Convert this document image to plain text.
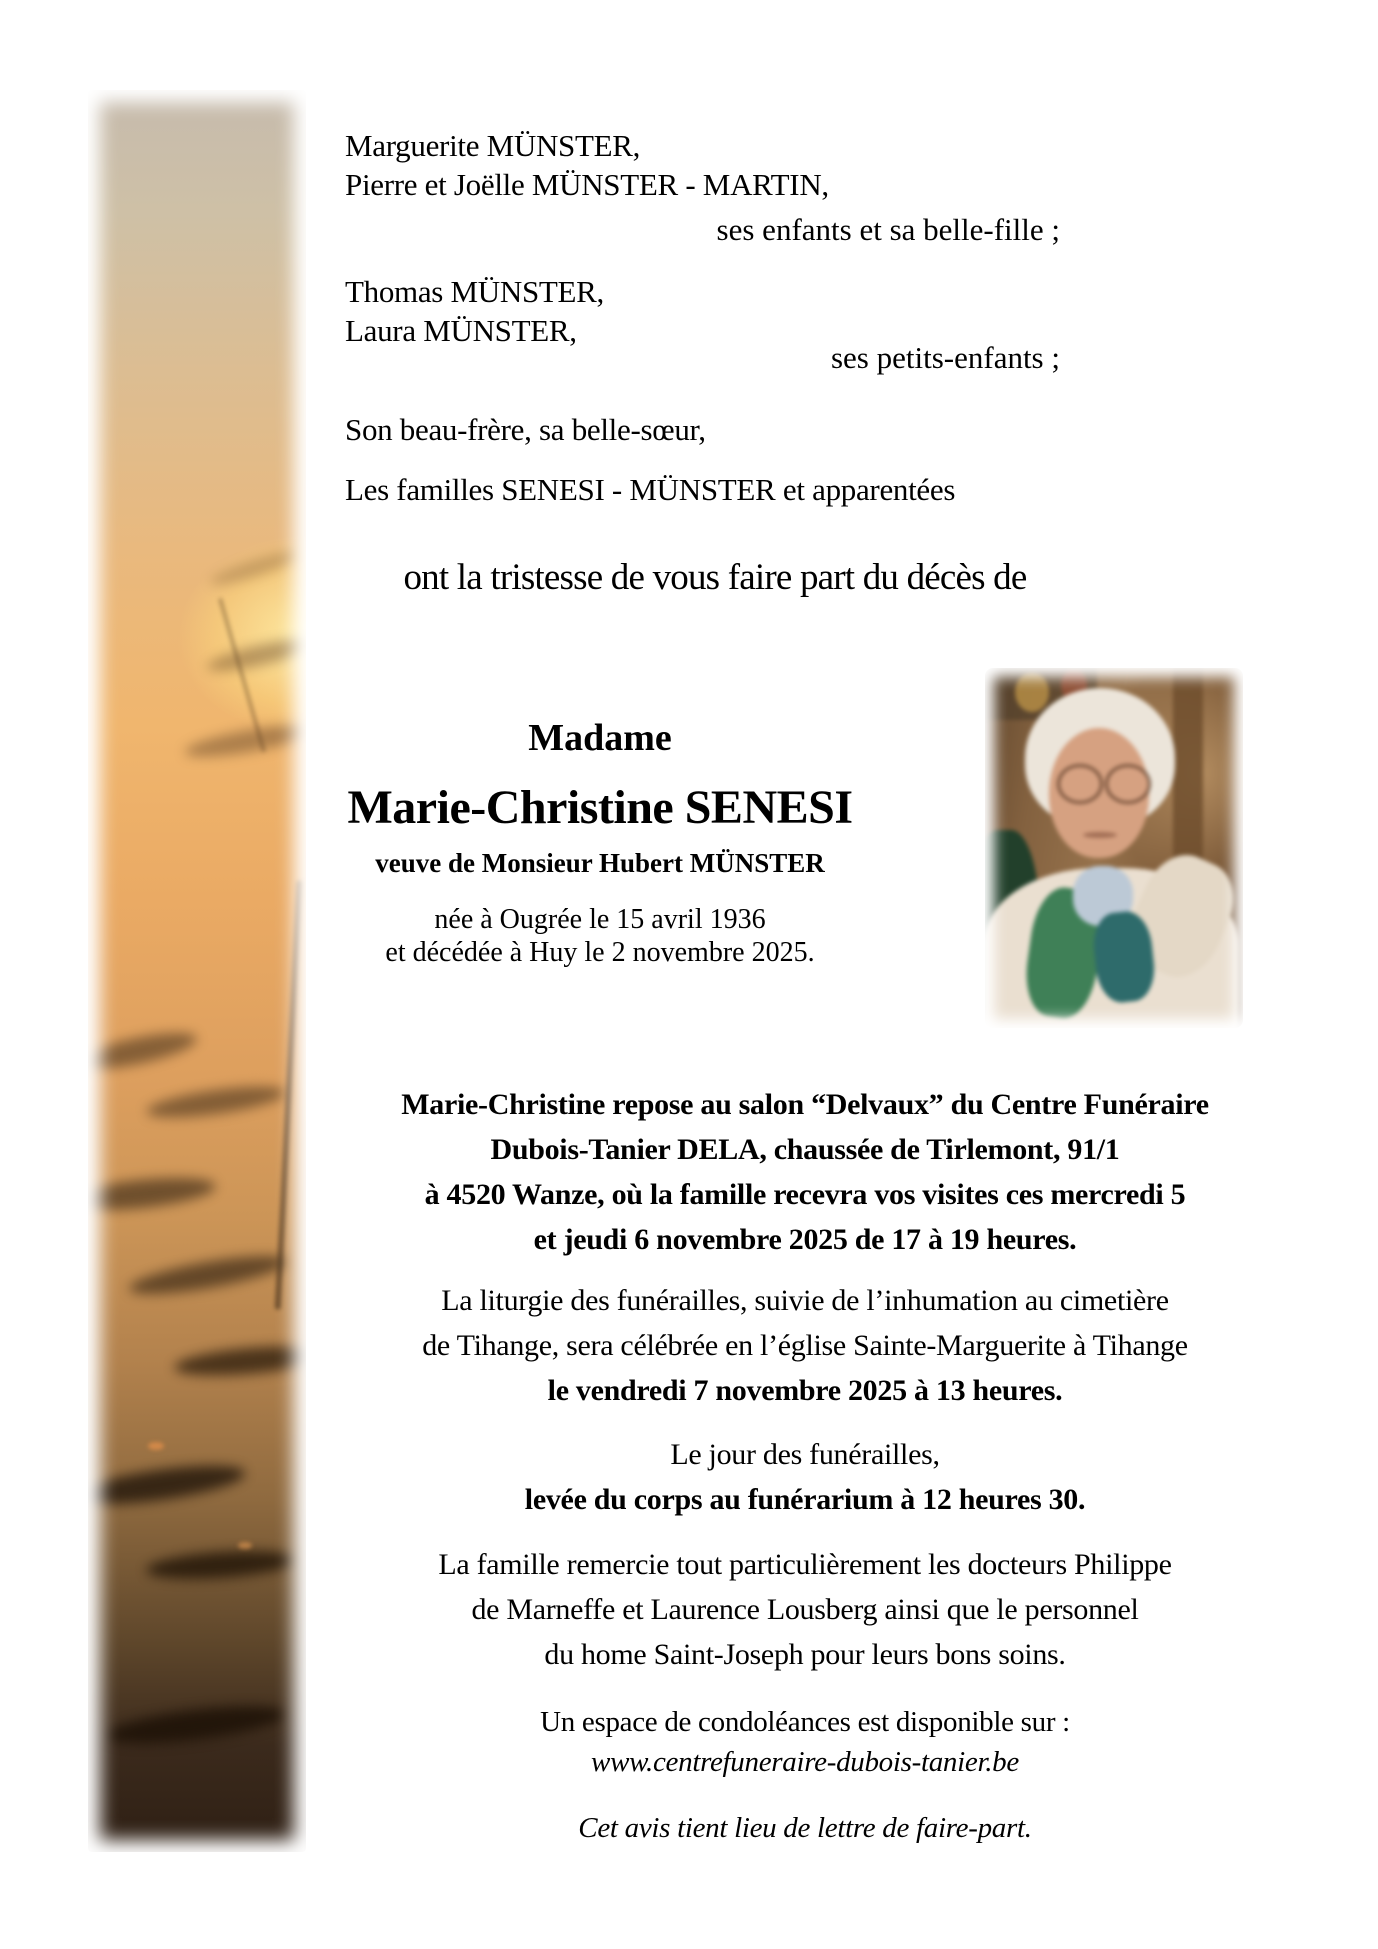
Marguerite MÜNSTER,
Pierre et Joëlle MÜNSTER - MARTIN,
ses enfants et sa belle-fille ;
Thomas MÜNSTER,
Laura MÜNSTER,
ses petits-enfants ;
Son beau-frère, sa belle-sœur,
Les familles SENESI - MÜNSTER et apparentées
ont la tristesse de vous faire part du décès de
Madame
Marie-Christine SENESI
veuve de Monsieur Hubert MÜNSTER
née à Ougrée le 15 avril 1936
et décédée à Huy le 2 novembre 2025.
Marie-Christine repose au salon “Delvaux” du Centre Funéraire
Dubois-Tanier DELA, chaussée de Tirlemont, 91/1
à 4520 Wanze, où la famille recevra vos visites ces mercredi 5
et jeudi 6 novembre 2025 de 17 à 19 heures.
La liturgie des funérailles, suivie de l’inhumation au cimetière
de Tihange, sera célébrée en l’église Sainte-Marguerite à Tihange
le vendredi 7 novembre 2025 à 13 heures.
Le jour des funérailles,
levée du corps au funérarium à 12 heures 30.
La famille remercie tout particulièrement les docteurs Philippe
de Marneffe et Laurence Lousberg ainsi que le personnel
du home Saint-Joseph pour leurs bons soins.
Un espace de condoléances est disponible sur :
www.centrefuneraire-dubois-tanier.be
Cet avis tient lieu de lettre de faire-part.
